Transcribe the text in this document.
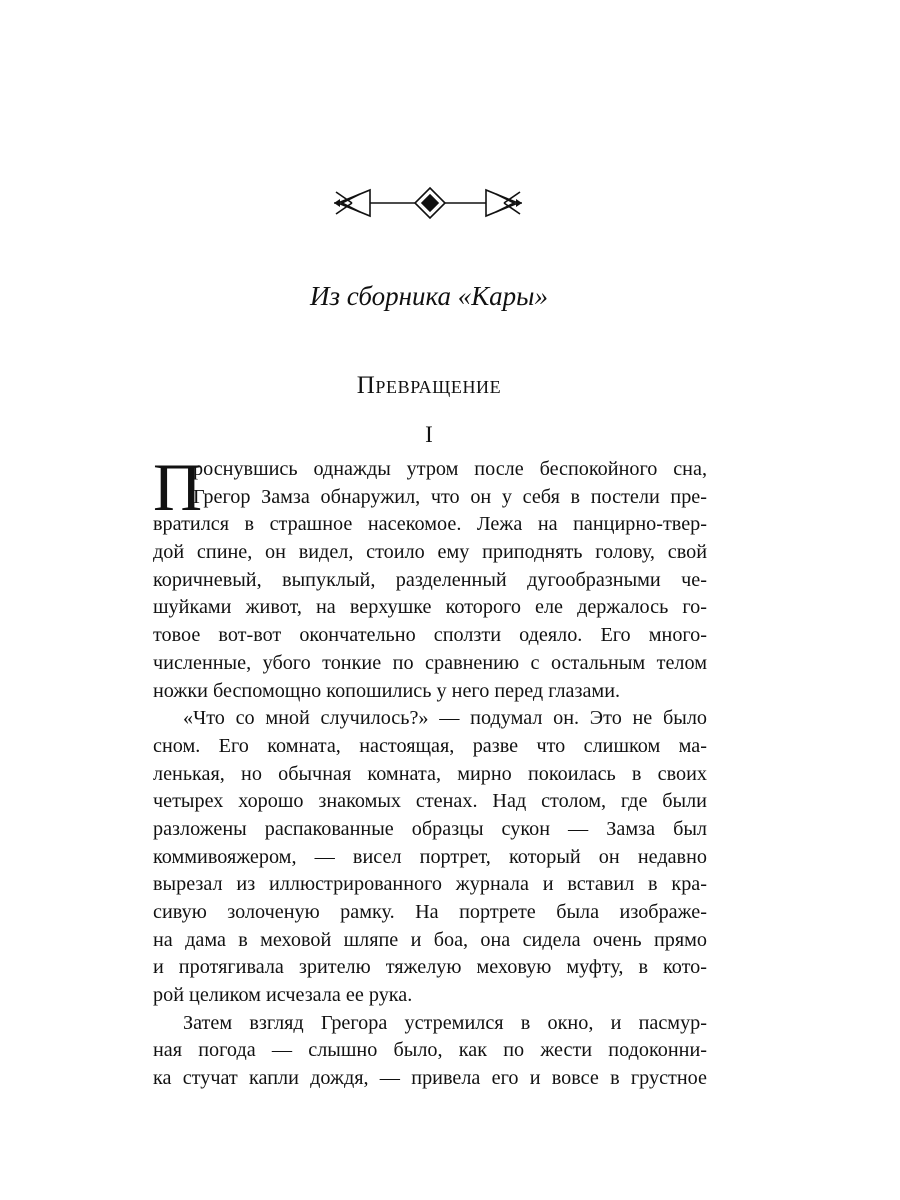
Из сборника «Кары»
Превращение
I
П
роснувшись однажды утром после беспокойного сна,
Грегор Замза обнаружил, что он у себя в постели пре-
вратился в страшное насекомое. Лежа на панцирно-твер-
дой спине, он видел, стоило ему приподнять голову, свой
коричневый, выпуклый, разделенный дугообразными че-
шуйками живот, на верхушке которого еле держалось го-
товое вот-вот окончательно сползти одеяло. Его много-
численные, убого тонкие по сравнению с остальным телом
ножки беспомощно копошились у него перед глазами.
«Что со мной случилось?» — подумал он. Это не было
сном. Его комната, настоящая, разве что слишком ма-
ленькая, но обычная комната, мирно покоилась в своих
четырех хорошо знакомых стенах. Над столом, где были
разложены распакованные образцы сукон — Замза был
коммивояжером, — висел портрет, который он недавно
вырезал из иллюстрированного журнала и вставил в кра-
сивую золоченую рамку. На портрете была изображе-
на дама в меховой шляпе и боа, она сидела очень прямо
и протягивала зрителю тяжелую меховую муфту, в кото-
рой целиком исчезала ее рука.
Затем взгляд Грегора устремился в окно, и пасмур-
ная погода — слышно было, как по жести подоконни-
ка стучат капли дождя, — привела его и вовсе в грустное
